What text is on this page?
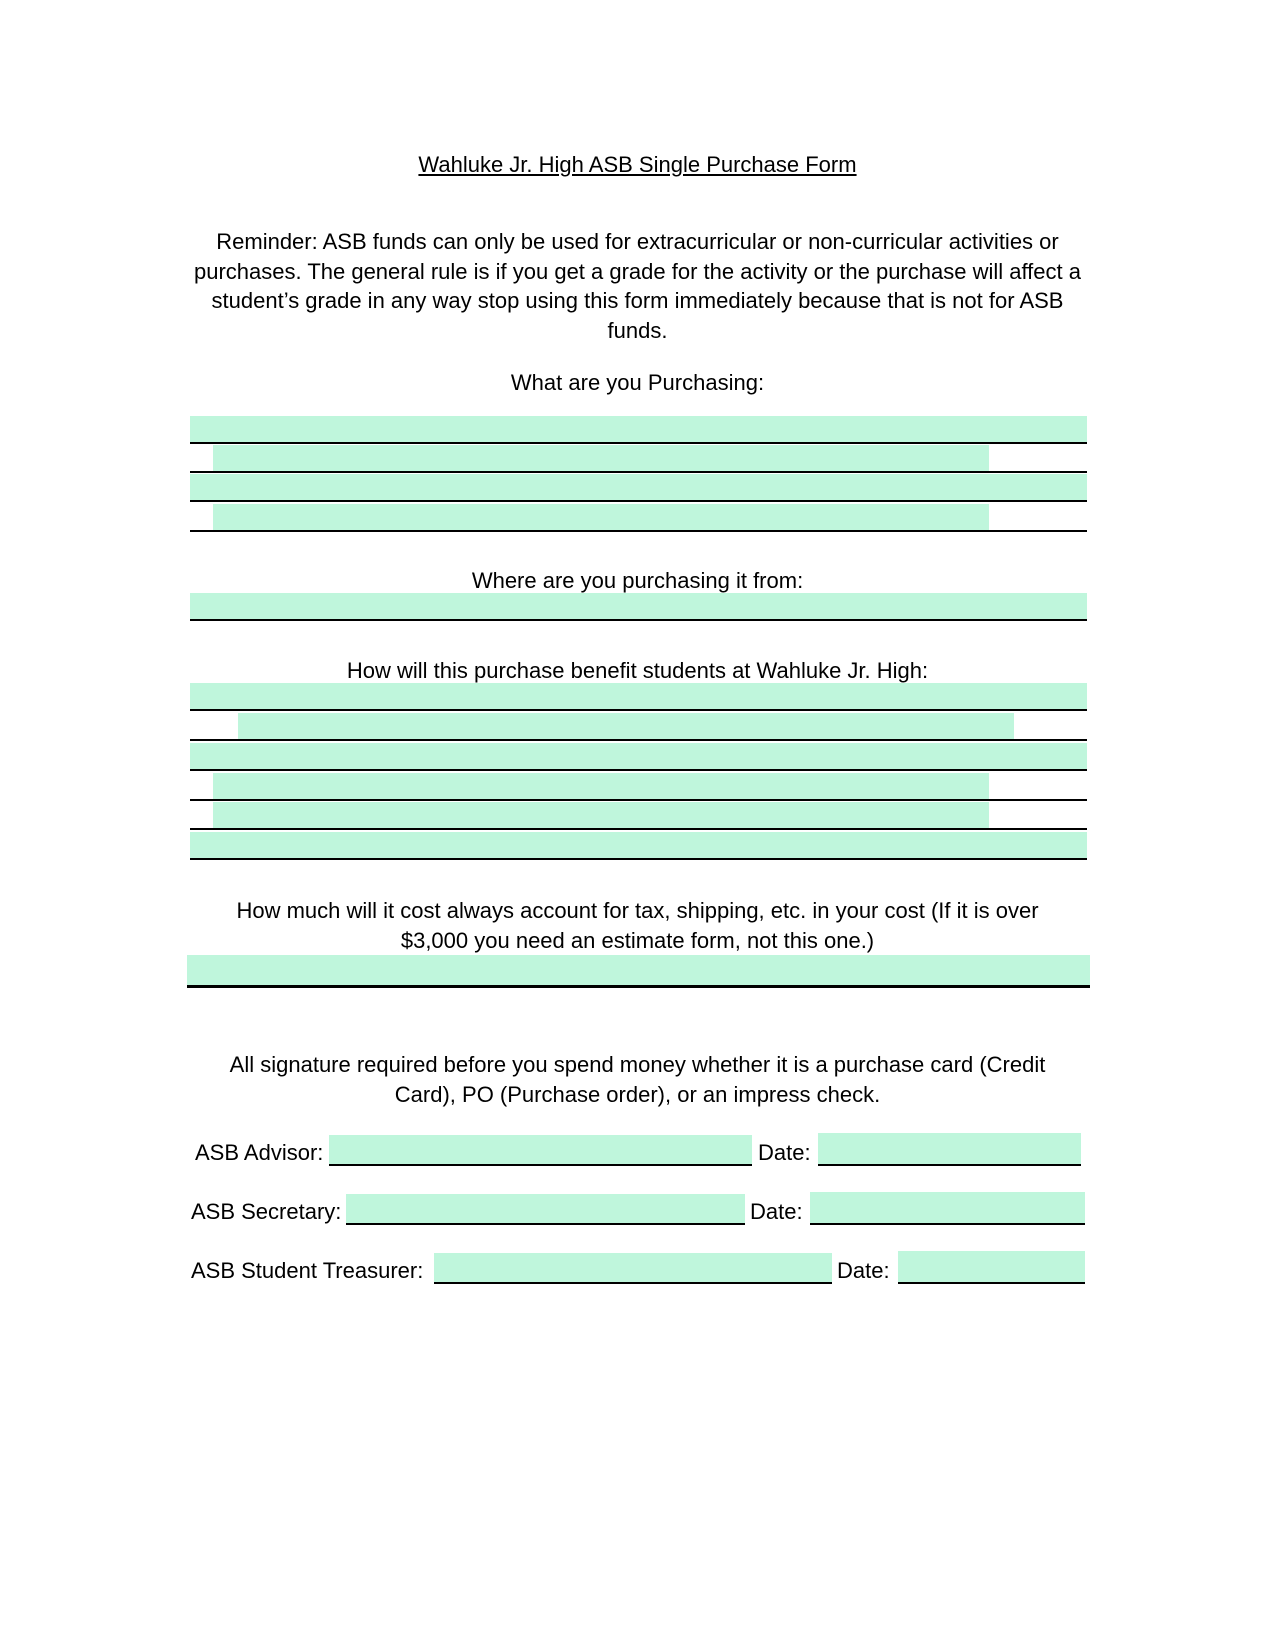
Wahluke Jr. High ASB Single Purchase Form
Reminder: ASB funds can only be used for extracurricular or non-curricular activities or purchases. The general rule is if you get a grade for the activity or the purchase will affect a student’s grade in any way stop using this form immediately because that is not for ASB funds.
What are you Purchasing:
Where are you purchasing it from:
How will this purchase benefit students at Wahluke Jr. High:
How much will it cost always account for tax, shipping, etc. in your cost (If it is over $3,000 you need an estimate form, not this one.)
All signature required before you spend money whether it is a purchase card (Credit Card), PO (Purchase order), or an impress check.
ASB Advisor:	Date:
ASB Secretary:	Date:
ASB Student Treasurer:	Date:
